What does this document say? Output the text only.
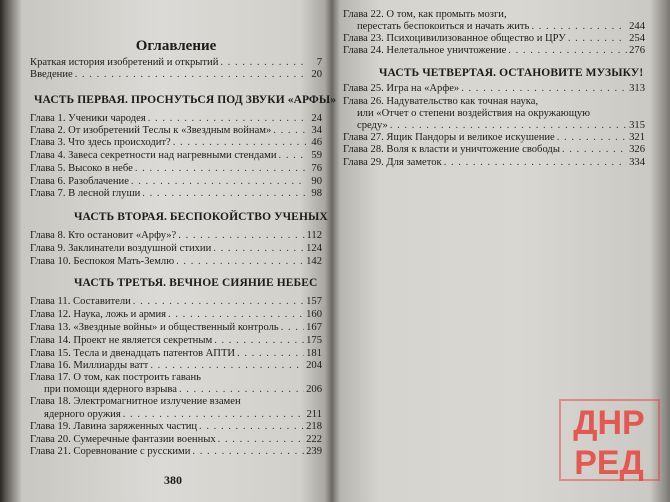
Оглавление
Краткая история изобретений и открытий . . .	7
Введение . . .	20
ЧАСТЬ ПЕРВАЯ. ПРОСНУТЬСЯ ПОД ЗВУКИ «АРФЫ»
Глава 1. Ученики чародея . . .	24
Глава 2. От изобретений Теслы к «Звездным войнам» . . .	34
Глава 3. Что здесь происходит? . . .	46
Глава 4. Завеса секретности над нагревными стендами . . .	59
Глава 5. Высоко в небе . . .	76
Глава 6. Разоблачение . . .	90
Глава 7. В лесной глуши . . .	98
ЧАСТЬ ВТОРАЯ. БЕСПОКОЙСТВО УЧЕНЫХ
Глава 8. Кто остановит «Арфу»? . . .	112
Глава 9. Заклинатели воздушной стихии . . .	124
Глава 10. Беспокоя Мать-Землю . . .	142
ЧАСТЬ ТРЕТЬЯ. ВЕЧНОЕ СИЯНИЕ НЕБЕС
Глава 11. Составители . . .	157
Глава 12. Наука, ложь и армия . . .	160
Глава 13. «Звездные войны» и общественный контроль . . .	167
Глава 14. Проект не является секретным . . .	175
Глава 15. Тесла и двенадцать патентов АПТИ . . .	181
Глава 16. Миллиарды ватт . . .	204
Глава 17. О том, как построить гавань
при помощи ядерного взрыва . . .	206
Глава 18. Электромагнитное излучение взамен
ядерного оружия . . .	211
Глава 19. Лавина заряженных частиц . . .	218
Глава 20. Сумеречные фантазии военных . . .	222
Глава 21. Соревнование с русскими . . .	239
380
Глава 22. О том, как промыть мозги,
перестать беспокоиться и начать жить . . .	244
Глава 23. Психоцивилизованное общество и ЦРУ . . .	254
Глава 24. Нелетальное уничтожение . . .	276
ЧАСТЬ ЧЕТВЕРТАЯ. ОСТАНОВИТЕ МУЗЫКУ!
Глава 25. Игра на «Арфе» . . .	313
Глава 26. Надувательство как точная наука,
или «Отчет о степени воздействия на окружающую
среду» . . .	315
Глава 27. Ящик Пандоры и великое искушение . . .	321
Глава 28. Воля к власти и уничтожение свободы . . .	326
Глава 29. Для заметок . . .	334
ДНР
РЕД
